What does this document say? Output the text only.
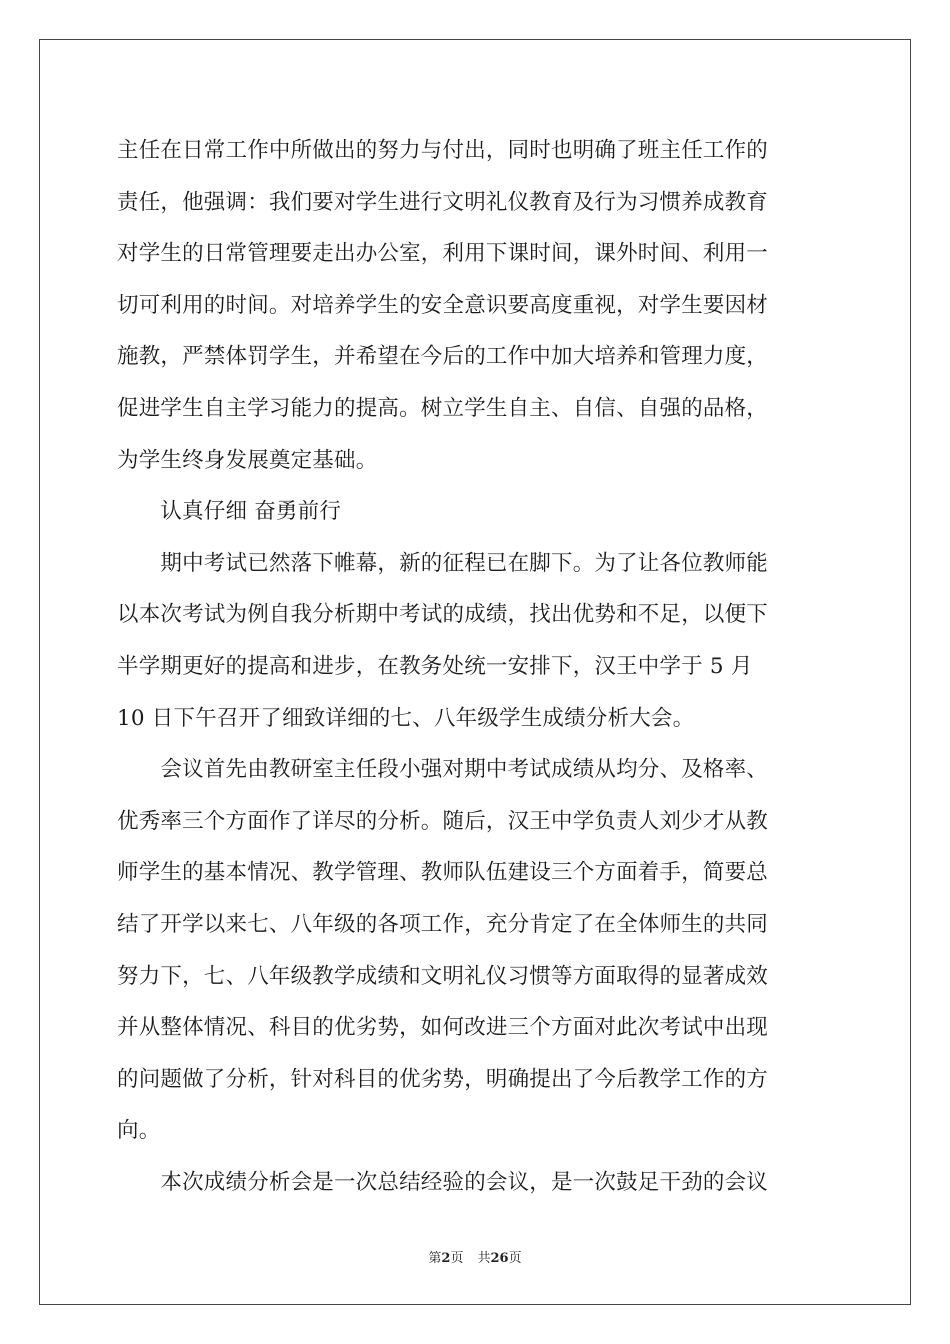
主任在日常工作中所做出的努力与付出，同时也明确了班主任工作的
责任，他强调：我们要对学生进行文明礼仪教育及行为习惯养成教育
对学生的日常管理要走出办公室，利用下课时间，课外时间、利用一
切可利用的时间。对培养学生的安全意识要高度重视，对学生要因材
施教，严禁体罚学生，并希望在今后的工作中加大培养和管理力度，
促进学生自主学习能力的提高。树立学生自主、自信、自强的品格，
为学生终身发展奠定基础。
　　认真仔细 奋勇前行
　　期中考试已然落下帷幕，新的征程已在脚下。为了让各位教师能
以本次考试为例自我分析期中考试的成绩，找出优势和不足，以便下
半学期更好的提高和进步，在教务处统一安排下，汉王中学于 5 月
10 日下午召开了细致详细的七、八年级学生成绩分析大会。
　　会议首先由教研室主任段小强对期中考试成绩从均分、及格率、
优秀率三个方面作了详尽的分析。随后，汉王中学负责人刘少才从教
师学生的基本情况、教学管理、教师队伍建设三个方面着手，简要总
结了开学以来七、八年级的各项工作，充分肯定了在全体师生的共同
努力下，七、八年级教学成绩和文明礼仪习惯等方面取得的显著成效
并从整体情况、科目的优劣势，如何改进三个方面对此次考试中出现
的问题做了分析，针对科目的优劣势，明确提出了今后教学工作的方
向。
　　本次成绩分析会是一次总结经验的会议，是一次鼓足干劲的会议
第2页 共26页
